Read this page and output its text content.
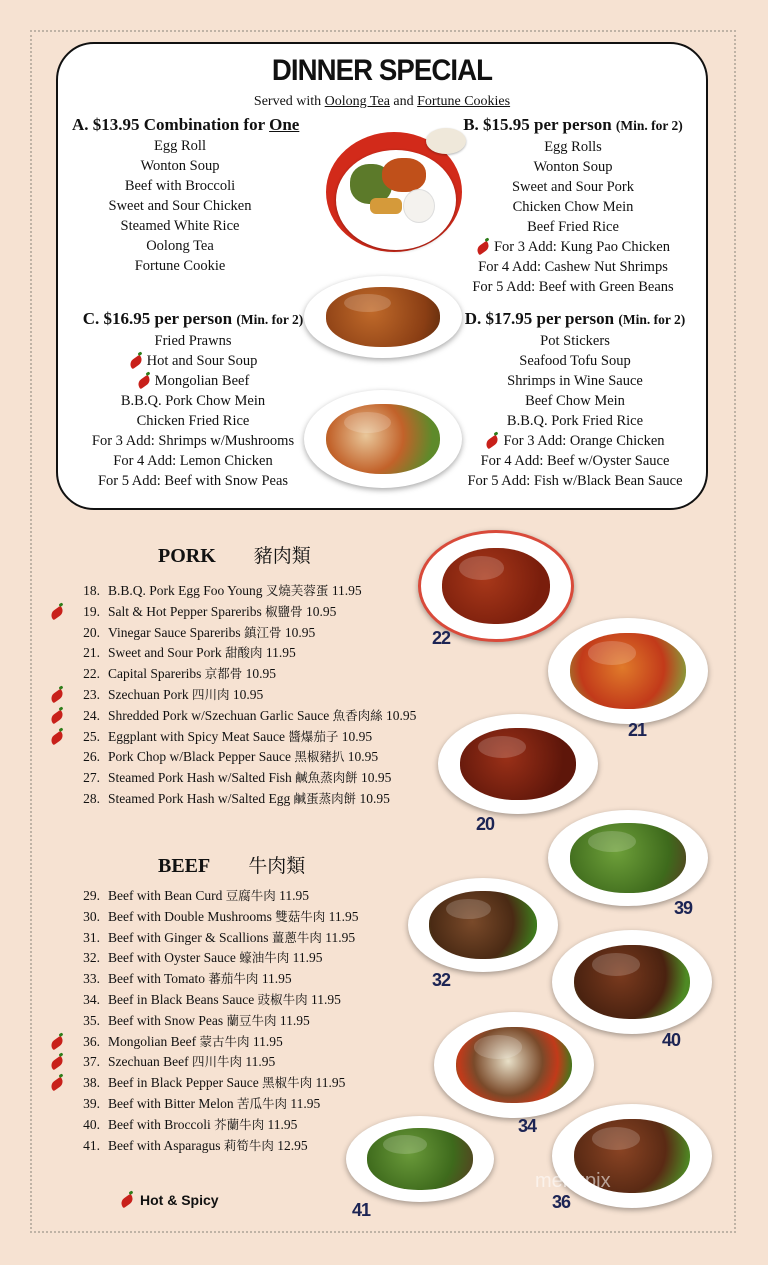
DINNER SPECIAL
Served with Oolong Tea and Fortune Cookies
A. $13.95 Combination for One
Egg Roll
Wonton Soup
Beef with Broccoli
Sweet and Sour Chicken
Steamed White Rice
Oolong Tea
Fortune Cookie
B. $15.95 per person (Min. for 2)
Egg Rolls
Wonton Soup
Sweet and Sour Pork
Chicken Chow Mein
Beef Fried Rice
For 3 Add: Kung Pao Chicken
For 4 Add: Cashew Nut Shrimps
For 5 Add: Beef with Green Beans
C. $16.95 per person (Min. for 2)
Fried Prawns
Hot and Sour Soup
Mongolian Beef
B.B.Q. Pork Chow Mein
Chicken Fried Rice
For 3 Add: Shrimps w/Mushrooms
For 4 Add: Lemon Chicken
For 5 Add: Beef with Snow Peas
D. $17.95 per person (Min. for 2)
Pot Stickers
Seafood Tofu Soup
Shrimps in Wine Sauce
Beef Chow Mein
B.B.Q. Pork Fried Rice
For 3 Add: Orange Chicken
For 4 Add: Beef w/Oyster Sauce
For 5 Add: Fish w/Black Bean Sauce
PORK 豬肉類
18. B.B.Q. Pork Egg Foo Young 叉燒芙蓉蛋 11.95
19. Salt & Hot Pepper Spareribs 椒鹽骨 10.95
20. Vinegar Sauce Spareribs 鎮江骨 10.95
21. Sweet and Sour Pork 甜酸肉 11.95
22. Capital Spareribs 京都骨 10.95
23. Szechuan Pork 四川肉 10.95
24. Shredded Pork w/Szechuan Garlic Sauce 魚香肉絲 10.95
25. Eggplant with Spicy Meat Sauce 醬爆茄子 10.95
26. Pork Chop w/Black Pepper Sauce 黑椒豬扒 10.95
27. Steamed Pork Hash w/Salted Fish 鹹魚蒸肉餅 10.95
28. Steamed Pork Hash w/Salted Egg 鹹蛋蒸肉餅 10.95
BEEF 牛肉類
29. Beef with Bean Curd 豆腐牛肉 11.95
30. Beef with Double Mushrooms 雙菇牛肉 11.95
31. Beef with Ginger & Scallions 薑蔥牛肉 11.95
32. Beef with Oyster Sauce 蠔油牛肉 11.95
33. Beef with Tomato 蕃茄牛肉 11.95
34. Beef in Black Beans Sauce 豉椒牛肉 11.95
35. Beef with Snow Peas 蘭豆牛肉 11.95
36. Mongolian Beef 蒙古牛肉 11.95
37. Szechuan Beef 四川牛肉 11.95
38. Beef in Black Pepper Sauce 黑椒牛肉 11.95
39. Beef with Bitter Melon 苦瓜牛肉 11.95
40. Beef with Broccoli 芥蘭牛肉 11.95
41. Beef with Asparagus 莉筍牛肉 12.95
22
21
20
39
32
40
34
41	36
menupix
Hot & Spicy
